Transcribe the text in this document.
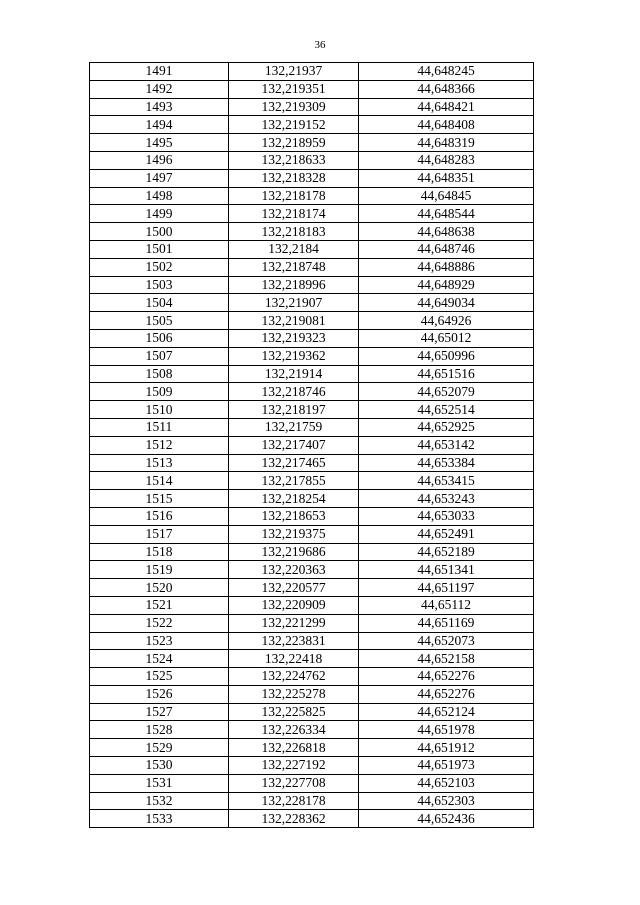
36
1491	132,21937	44,648245
1492	132,219351	44,648366
1493	132,219309	44,648421
1494	132,219152	44,648408
1495	132,218959	44,648319
1496	132,218633	44,648283
1497	132,218328	44,648351
1498	132,218178	44,64845
1499	132,218174	44,648544
1500	132,218183	44,648638
1501	132,2184	44,648746
1502	132,218748	44,648886
1503	132,218996	44,648929
1504	132,21907	44,649034
1505	132,219081	44,64926
1506	132,219323	44,65012
1507	132,219362	44,650996
1508	132,21914	44,651516
1509	132,218746	44,652079
1510	132,218197	44,652514
1511	132,21759	44,652925
1512	132,217407	44,653142
1513	132,217465	44,653384
1514	132,217855	44,653415
1515	132,218254	44,653243
1516	132,218653	44,653033
1517	132,219375	44,652491
1518	132,219686	44,652189
1519	132,220363	44,651341
1520	132,220577	44,651197
1521	132,220909	44,65112
1522	132,221299	44,651169
1523	132,223831	44,652073
1524	132,22418	44,652158
1525	132,224762	44,652276
1526	132,225278	44,652276
1527	132,225825	44,652124
1528	132,226334	44,651978
1529	132,226818	44,651912
1530	132,227192	44,651973
1531	132,227708	44,652103
1532	132,228178	44,652303
1533	132,228362	44,652436
